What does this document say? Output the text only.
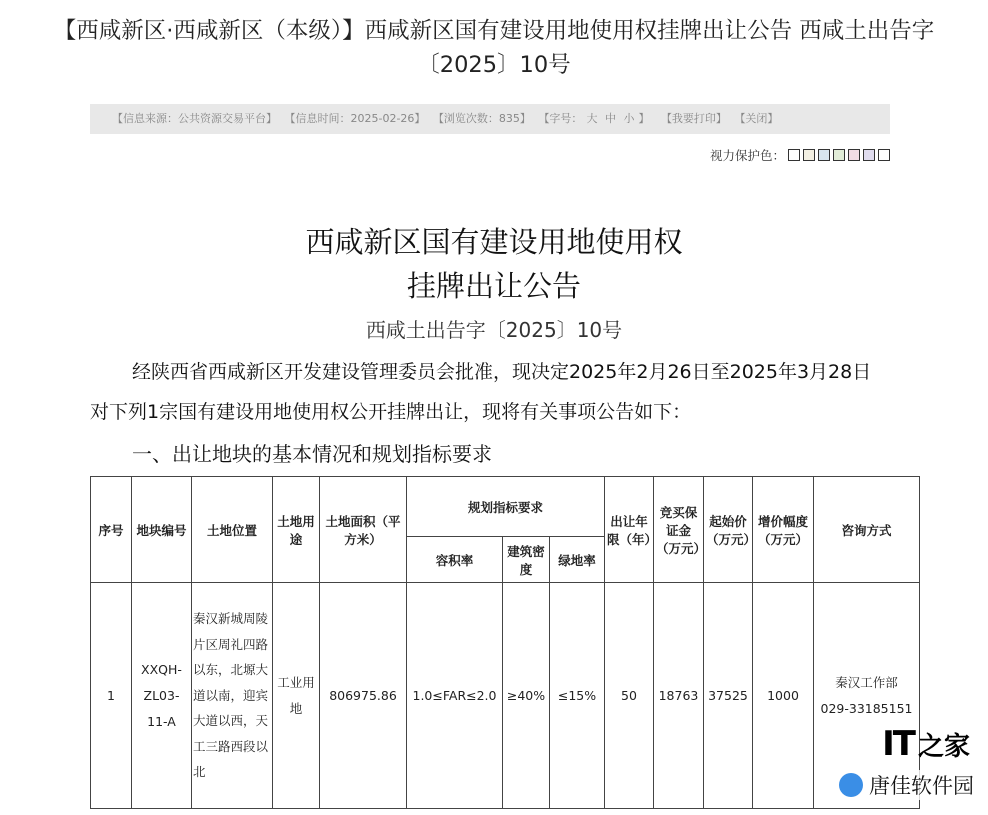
【西咸新区·西咸新区（本级）】西咸新区国有建设用地使用权挂牌出让公告 西咸土出告字〔2025〕10号
【信息来源：公共资源交易平台】 【信息时间：2025-02-26】 【浏览次数：835】 【字号： 大 中 小 】 【我要打印】 【关闭】
视力保护色：
西咸新区国有建设用地使用权
挂牌出让公告
西咸土出告字〔2025〕10号
经陕西省西咸新区开发建设管理委员会批准，现决定2025年2月26日至2025年3月28日对下列1宗国有建设用地使用权公开挂牌出让，现将有关事项公告如下：
一、出让地块的基本情况和规划指标要求
序号	地块编号	土地位置	土地用途	土地面积（平方米）	规划指标要求			出让年限（年）	竞买保证金（万元）	起始价（万元）	增价幅度（万元）	咨询方式
					容积率	建筑密度	绿地率					
1	XXQH-ZL03-11-A	秦汉新城周陵片区周礼四路以东，北塬大道以南，迎宾大道以西，天工三路西段以北	工业用地	806975.86	1.0≤FAR≤2.0	≥40%	≤15%	50	18763	37525	1000	秦汉工作部
029-33185151
IT 之家
唐佳软件园
